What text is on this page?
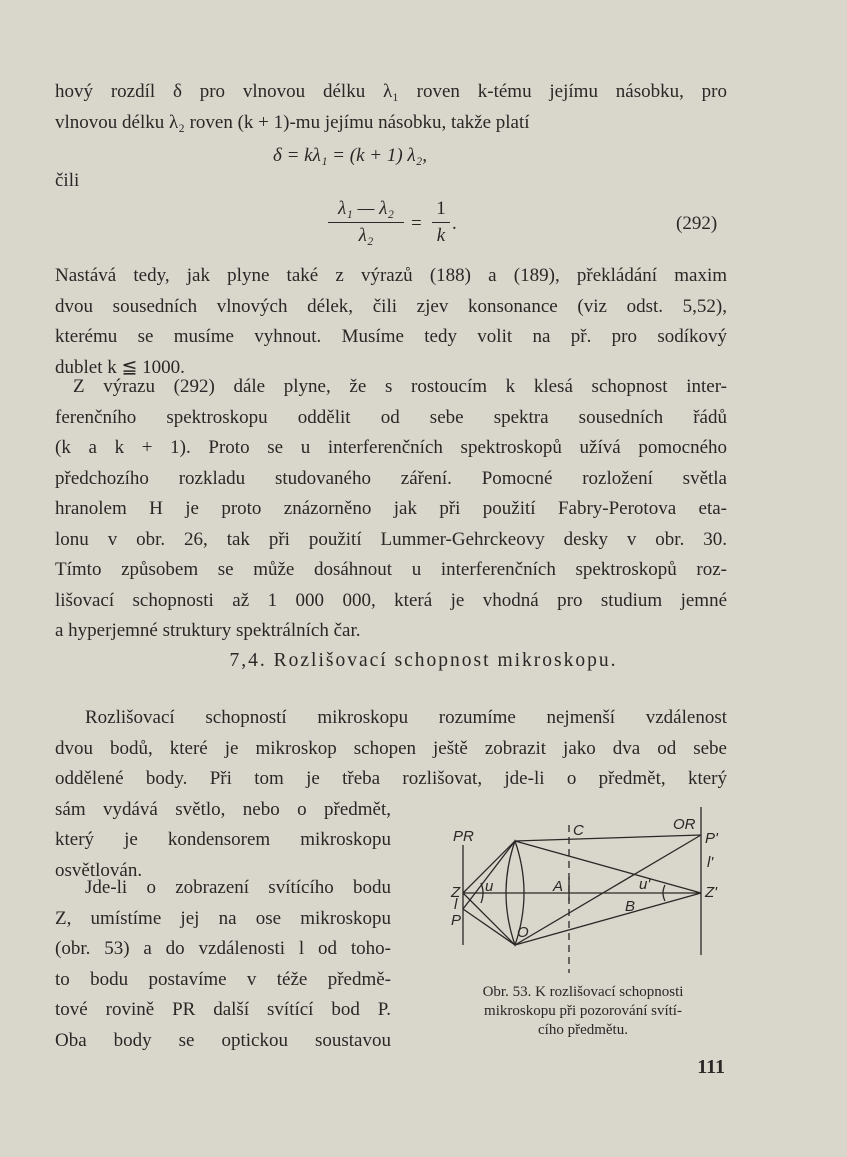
hový rozdíl δ pro vlnovou délku λ₁ roven k-tému jejímu násobku, pro
vlnovou délku λ₂ roven (k + 1)-mu jejímu násobku, takže platí
δ = kλ₁ = (k + 1) λ₂,
čili
λ₁ — λ₂
λ₂
=
1
k
.	(292)
Nastává tedy, jak plyne také z výrazů (188) a (189), překládání maxim
dvou sousedních vlnových délek, čili zjev konsonance (viz odst. 5,52),
kterému se musíme vyhnout. Musíme tedy volit na př. pro sodíkový
dublet k ≦ 1000.
Z výrazu (292) dále plyne, že s rostoucím k klesá schopnost inter-
ferenčního spektroskopu oddělit od sebe spektra sousedních řádů
(k a k + 1). Proto se u interferenčních spektroskopů užívá pomocného
předchozího rozkladu studovaného záření. Pomocné rozložení světla
hranolem H je proto znázorněno jak při použití Fabry-Perotova eta-
lonu v obr. 26, tak při použití Lummer-Gehrckeovy desky v obr. 30.
Tímto způsobem se může dosáhnout u interferenčních spektroskopů roz-
lišovací schopnosti až 1 000 000, která je vhodná pro studium jemné
a hyperjemné struktury spektrálních čar.
7,4. Rozlišovací schopnost mikroskopu.
Rozlišovací schopností mikroskopu rozumíme nejmenší vzdálenost
dvou bodů, které je mikroskop schopen ještě zobrazit jako dva od sebe
oddělené body. Při tom je třeba rozlišovat, jde-li o předmět, který
sám vydává světlo, nebo o předmět,
který je kondensorem mikroskopu
osvětlován.
Jde-li o zobrazení svítícího bodu
Z, umístíme jej na ose mikroskopu
(obr. 53) a do vzdálenosti l od toho-
to bodu postavíme v téže předmě-
tové rovině PR další svítící bod P.
Oba body se optickou soustavou
PR	C	OR
P'
l'
Z
l
P
u	A	u'	Z'
B
O
Obr. 53. K rozlišovací schopnosti
mikroskopu při pozorování svítí-
cího předmětu.
111
